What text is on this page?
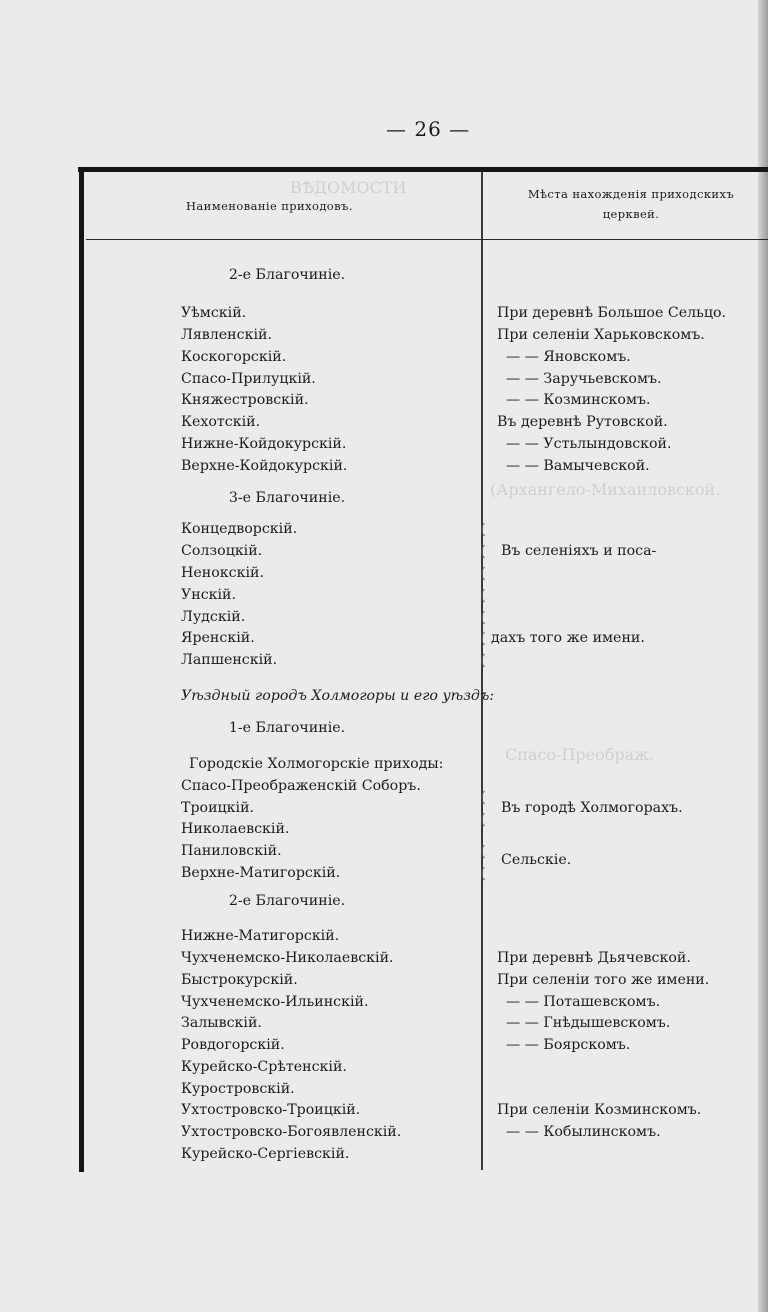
— 26 —
ВѢДОМОСТИ
(Архангело-Михаиловской.
Спасо-Преображ.
Наименованіе приходовъ.
Мѣста нахожденія приходскихъ
церквей.
2-е Благочиніе.
Уѣмскій.
Лявленскій.
Коскогорскій.
Спасо-Прилуцкій.
Княжестровскій.
Кехотскій.
Нижне-Койдокурскій.
Верхне-Койдокурскій.
3-е Благочиніе.
Концедворскій.
Солзоцкій.
Ненокскій.
Унскій.
Лудскій.
Яренскій.
Лапшенскій.
Уѣздный городъ Холмогоры и его уѣздъ:
1-е Благочиніе.
Городскіе Холмогорскіе приходы:
Спасо-Преображенскій Соборъ.
Троицкій.
Николаевскій.
Паниловскій.
Верхне-Матигорскій.
2-е Благочиніе.
Нижне-Матигорскій.
Чухченемско-Николаевскій.
Быстрокурскій.
Чухченемско-Ильинскій.
Залывскій.
Ровдогорскій.
Курейско-Срѣтенскій.
Куростровскій.
Ухтостровско-Троицкій.
Ухтостровско-Богоявленскій.
Курейско-Сергіевскій.
При деревнѣ Большое Сельцо.
При селеніи Харьковскомъ.
— — Яновскомъ.
— — Заручьевскомъ.
— — Козминскомъ.
Въ деревнѣ Рутовской.
— — Устьлындовской.
— — Вамычевской.
Въ селеніяхъ и поса-
дахъ того же имени.
Въ городѣ Холмогорахъ.
Сельскіе.
При деревнѣ Дьячевской.
При селеніи того же имени.
— — Поташевскомъ.
— — Гнѣдышевскомъ.
— — Боярскомъ.
При селеніи Козминскомъ.
— — Кобылинскомъ.
(
(
(
(
(
(
(
(
(
(
(
